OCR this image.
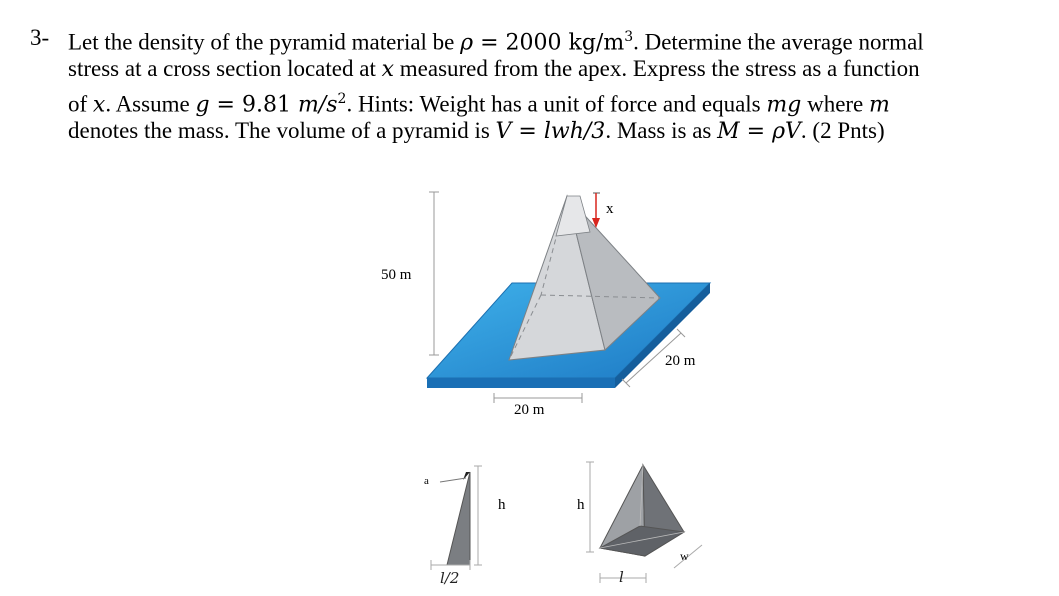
3- Let the density of the pyramid material be ρ = 2000 $kg/m^3$. Determine the average normal
stress at a cross section located at x measured from the apex. Express the stress as a function
of x. Assume g = 9.81 $m/s^2$. Hints: Weight has a unit of force and equals mg where m
denotes the mass. The volume of a pyramid is V = lwh/3. Mass is as M = ρV. (2 Pnts)
x
50 m
20 m
20 m
a
h
l/2
h
w
l
